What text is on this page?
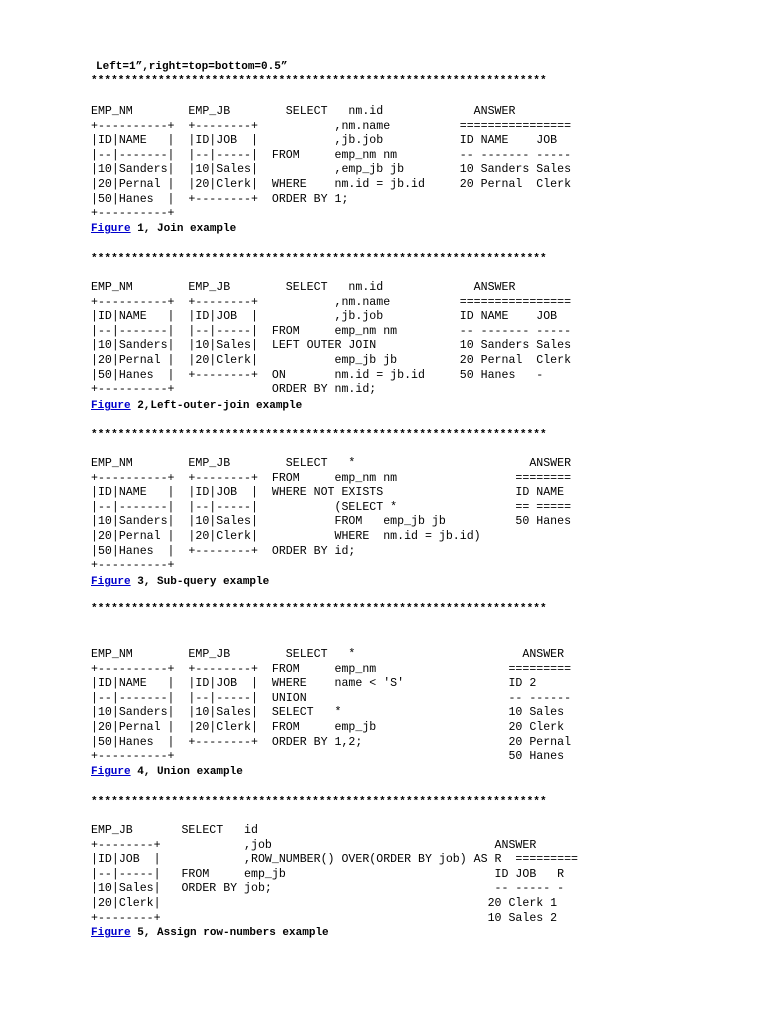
Left=1”,right=top=bottom=0.5”
********************************************************************
EMP_NM        EMP_JB        SELECT   nm.id             ANSWER
+----------+  +--------+           ,nm.name          ================
|ID|NAME   |  |ID|JOB  |           ,jb.job           ID NAME    JOB
|--|-------|  |--|-----|  FROM     emp_nm nm         -- ------- -----
|10|Sanders|  |10|Sales|           ,emp_jb jb        10 Sanders Sales
|20|Pernal |  |20|Clerk|  WHERE    nm.id = jb.id     20 Pernal  Clerk
|50|Hanes  |  +--------+  ORDER BY 1;
+----------+
Figure 1, Join example
********************************************************************
EMP_NM        EMP_JB        SELECT   nm.id             ANSWER
+----------+  +--------+           ,nm.name          ================
|ID|NAME   |  |ID|JOB  |           ,jb.job           ID NAME    JOB
|--|-------|  |--|-----|  FROM     emp_nm nm         -- ------- -----
|10|Sanders|  |10|Sales|  LEFT OUTER JOIN            10 Sanders Sales
|20|Pernal |  |20|Clerk|           emp_jb jb         20 Pernal  Clerk
|50|Hanes  |  +--------+  ON       nm.id = jb.id     50 Hanes   -
+----------+              ORDER BY nm.id;
Figure 2,Left-outer-join example
********************************************************************
EMP_NM        EMP_JB        SELECT   *                         ANSWER
+----------+  +--------+  FROM     emp_nm nm                 ========
|ID|NAME   |  |ID|JOB  |  WHERE NOT EXISTS                   ID NAME
|--|-------|  |--|-----|           (SELECT *                 == =====
|10|Sanders|  |10|Sales|           FROM   emp_jb jb          50 Hanes
|20|Pernal |  |20|Clerk|           WHERE  nm.id = jb.id)
|50|Hanes  |  +--------+  ORDER BY id;
+----------+
Figure 3, Sub-query example
********************************************************************
EMP_NM        EMP_JB        SELECT   *                        ANSWER
+----------+  +--------+  FROM     emp_nm                   =========
|ID|NAME   |  |ID|JOB  |  WHERE    name < 'S'               ID 2
|--|-------|  |--|-----|  UNION                             -- ------
|10|Sanders|  |10|Sales|  SELECT   *                        10 Sales
|20|Pernal |  |20|Clerk|  FROM     emp_jb                   20 Clerk
|50|Hanes  |  +--------+  ORDER BY 1,2;                     20 Pernal
+----------+                                                50 Hanes
Figure 4, Union example
********************************************************************
EMP_JB       SELECT   id
+--------+            ,job                                ANSWER
|ID|JOB  |            ,ROW_NUMBER() OVER(ORDER BY job) AS R  =========
|--|-----|   FROM     emp_jb                              ID JOB   R
|10|Sales|   ORDER BY job;                                -- ----- -
|20|Clerk|                                               20 Clerk 1
+--------+                                               10 Sales 2
Figure 5, Assign row-numbers example
